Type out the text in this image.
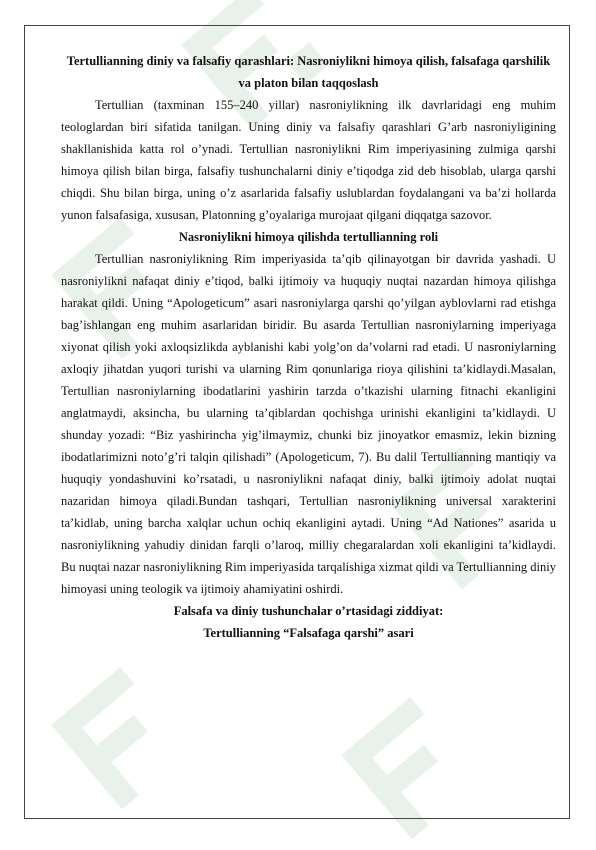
Tertullianning diniy va falsafiy qarashlari: Nasroniylikni himoya qilish, falsafaga qarshilik va platon bilan taqqoslash

Tertullian (taxminan 155–240 yillar) nasroniylikning ilk davrlaridagi eng muhim teologlardan biri sifatida tanilgan. Uning diniy va falsafiy qarashlari G’arb nasroniyligining shakllanishida katta rol o’ynadi. Tertullian nasroniylikni Rim imperiyasining zulmiga qarshi himoya qilish bilan birga, falsafiy tushunchalarni diniy e’tiqodga zid deb hisoblab, ularga qarshi chiqdi. Shu bilan birga, uning o’z asarlarida falsafiy uslublardan foydalangani va ba’zi hollarda yunon falsafasiga, xususan, Platonning g’oyalariga murojaat qilgani diqqatga sazovor.

Nasroniylikni himoya qilishda tertullianning roli

Tertullian nasroniylikning Rim imperiyasida ta’qib qilinayotgan bir davrida yashadi. U nasroniylikni nafaqat diniy e’tiqod, balki ijtimoiy va huquqiy nuqtai nazardan himoya qilishga harakat qildi. Uning “Apologeticum” asari nasroniylarga qarshi qo’yilgan ayblovlarni rad etishga bag’ishlangan eng muhim asarlaridan biridir. Bu asarda Tertullian nasroniylarning imperiyaga xiyonat qilish yoki axloqsizlikda ayblanishi kabi yolg’on da’volarni rad etadi. U nasroniylarning axloqiy jihatdan yuqori turishi va ularning Rim qonunlariga rioya qilishini ta’kidlaydi.Masalan, Tertullian nasroniylarning ibodatlarini yashirin tarzda o’tkazishi ularning fitnachi ekanligini anglatmaydi, aksincha, bu ularning ta’qiblardan qochishga urinishi ekanligini ta’kidlaydi. U shunday yozadi: “Biz yashirincha yig’ilmaymiz, chunki biz jinoyatkor emasmiz, lekin bizning ibodatlarimizni noto’g’ri talqin qilishadi” (Apologeticum, 7). Bu dalil Tertullianning mantiqiy va huquqiy yondashuvini ko’rsatadi, u nasroniylikni nafaqat diniy, balki ijtimoiy adolat nuqtai nazaridan himoya qiladi.Bundan tashqari, Tertullian nasroniylikning universal xarakterini ta’kidlab, uning barcha xalqlar uchun ochiq ekanligini aytadi. Uning “Ad Nationes” asarida u nasroniylikning yahudiy dinidan farqli o’laroq, milliy chegaralardan xoli ekanligini ta’kidlaydi. Bu nuqtai nazar nasroniylikning Rim imperiyasida tarqalishiga xizmat qildi va Tertullianning diniy himoyasi uning teologik va ijtimoiy ahamiyatini oshirdi.

Falsafa va diniy tushunchalar o’rtasidagi ziddiyat:

Tertullianning “Falsafaga qarshi” asari
